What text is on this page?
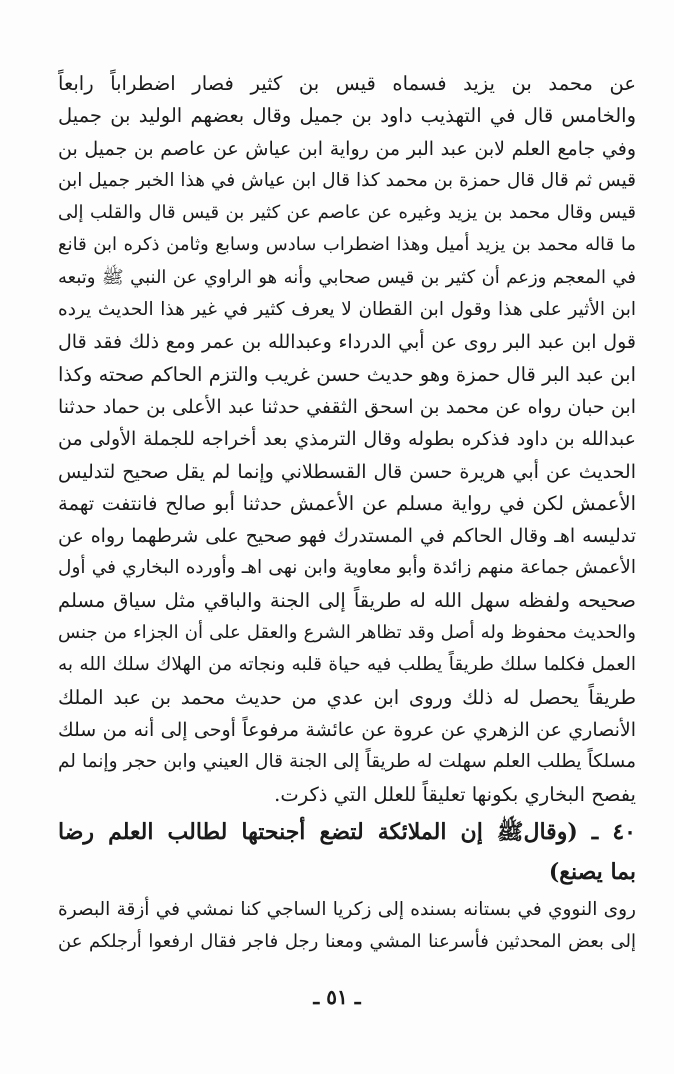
عن محمد بن يزيد فسماه قيس بن كثير فصار اضطراباً رابعاً
والخامس قال في التهذيب داود بن جميل وقال بعضهم الوليد بن جميل
وفي جامع العلم لابن عبد البر من رواية ابن عياش عن عاصم بن جميل بن
قيس ثم قال قال حمزة بن محمد كذا قال ابن عياش في هذا الخبر جميل ابن
قيس وقال محمد بن يزيد وغيره عن عاصم عن كثير بن قيس قال والقلب إلى
ما قاله محمد بن يزيد أميل وهذا اضطراب سادس وسابع وثامن ذكره ابن قانع
في المعجم وزعم أن كثير بن قيس صحابي وأنه هو الراوي عن النبي ﷺ وتبعه
ابن الأثير على هذا وقول ابن القطان لا يعرف كثير في غير هذا الحديث يرده
قول ابن عبد البر روى عن أبي الدرداء وعبدالله بن عمر ومع ذلك فقد قال
ابن عبد البر قال حمزة وهو حديث حسن غريب والتزم الحاكم صحته وكذا
ابن حبان رواه عن محمد بن اسحق الثقفي حدثنا عبد الأعلى بن حماد حدثنا
عبدالله بن داود فذكره بطوله وقال الترمذي بعد أخراجه للجملة الأولى من
الحديث عن أبي هريرة حسن قال القسطلاني وإنما لم يقل صحيح لتدليس
الأعمش لكن في رواية مسلم عن الأعمش حدثنا أبو صالح فانتفت تهمة
تدليسه اهـ وقال الحاكم في المستدرك فهو صحيح على شرطهما رواه عن
الأعمش جماعة منهم زائدة وأبو معاوية وابن نهى اهـ وأورده البخاري في أول
صحيحه ولفظه سهل الله له طريقاً إلى الجنة والباقي مثل سياق مسلم
والحديث محفوظ وله أصل وقد تظاهر الشرع والعقل على أن الجزاء من جنس
العمل فكلما سلك طريقاً يطلب فيه حياة قلبه ونجاته من الهلاك سلك الله به
طريقاً يحصل له ذلك وروى ابن عدي من حديث محمد بن عبد الملك
الأنصاري عن الزهري عن عروة عن عائشة مرفوعاً أوحى إلى أنه من سلك
مسلكاً يطلب العلم سهلت له طريقاً إلى الجنة قال العيني وابن حجر وإنما لم
يفصح البخاري بكونها تعليقاً للعلل التي ذكرت.
٤٠ ـ (وقالﷺ إن الملائكة لتضع أجنحتها لطالب العلم رضا
بما يصنع)
روى النووي في بستانه بسنده إلى زكريا الساجي كنا نمشي في أزقة البصرة
إلى بعض المحدثين فأسرعنا المشي ومعنا رجل فاجر فقال ارفعوا أرجلكم عن
ـ ٥١ ـ
